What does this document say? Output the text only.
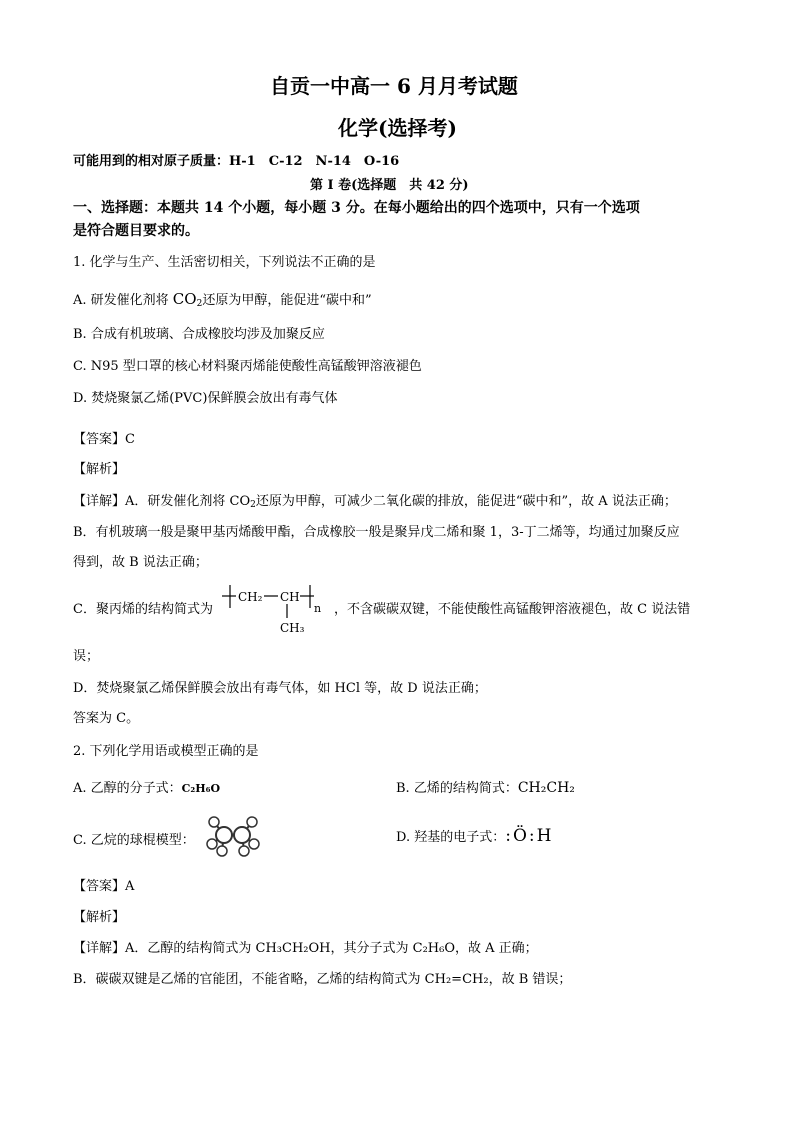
自贡一中高一 6 月月考试题
化学(选择考)
可能用到的相对原子质量：H-1　C-12　N-14　O-16
第 I 卷(选择题　共 42 分)
一、选择题：本题共 14 个小题，每小题 3 分。在每小题给出的四个选项中，只有一个选项
是符合题目要求的。
1. 化学与生产、生活密切相关，下列说法不正确的是
A. 研发催化剂将 $CO_2$还原为甲醇，能促进“碳中和”
B. 合成有机玻璃、合成橡胶均涉及加聚反应
C. N95 型口罩的核心材料聚丙烯能使酸性高锰酸钾溶液褪色
D. 焚烧聚氯乙烯(PVC)保鲜膜会放出有毒气体
【答案】C
【解析】
【详解】A．研发催化剂将 $CO_2$还原为甲醇，可减少二氧化碳的排放，能促进“碳中和”，故 A 说法正确；
B．有机玻璃一般是聚甲基丙烯酸甲酯，合成橡胶一般是聚异戊二烯和聚 1，3-丁二烯等，均通过加聚反应
得到，故 B 说法正确；
C．聚丙烯的结构简式为
CH₂ CH
n
CH₃
，不含碳碳双键，不能使酸性高锰酸钾溶液褪色，故 C 说法错
误；
D．焚烧聚氯乙烯保鲜膜会放出有毒气体，如 HCl 等，故 D 说法正确；
答案为 C。
2. 下列化学用语或模型正确的是
A. 乙醇的分子式：C₂H₆O	B. 乙烯的结构简式：CH₂CH₂
C. 乙烷的球棍模型：	D. 羟基的电子式：:Ö:H
【答案】A
【解析】
【详解】A．乙醇的结构简式为 CH₃CH₂OH，其分子式为 C₂H₆O，故 A 正确；
B．碳碳双键是乙烯的官能团，不能省略，乙烯的结构简式为 CH₂=CH₂，故 B 错误；
